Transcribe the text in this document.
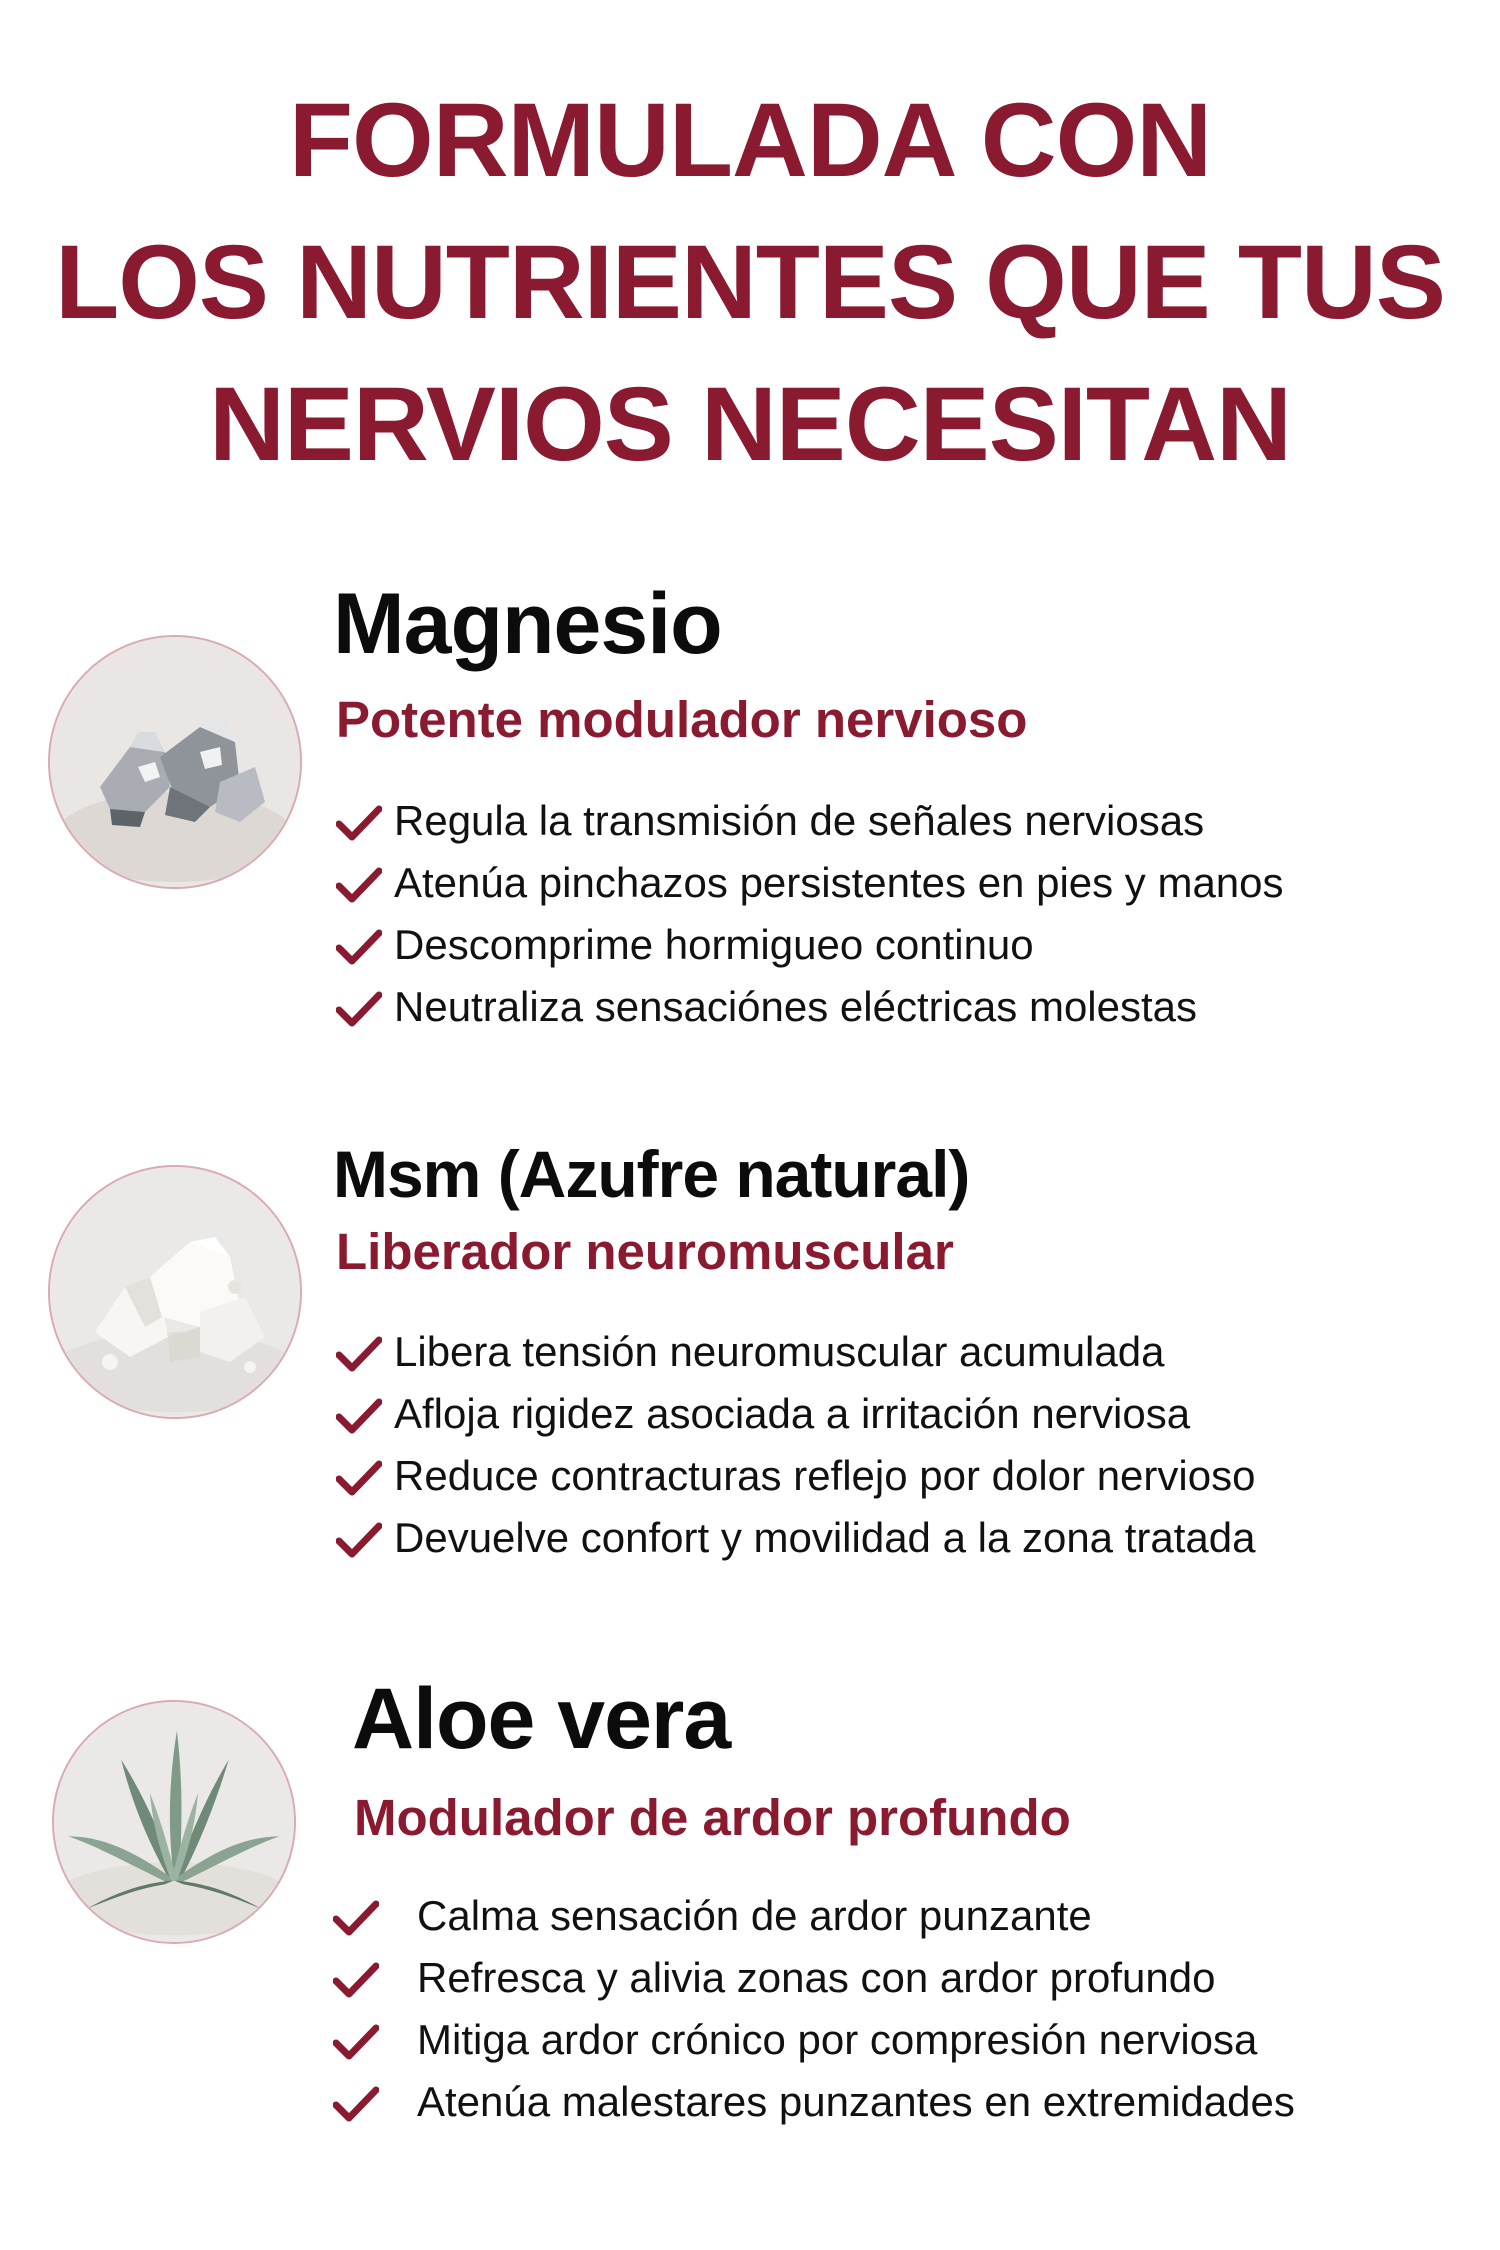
FORMULADA CON
LOS NUTRIENTES QUE TUS
NERVIOS NECESITAN
Magnesio
Potente modulador nervioso
Regula la transmisión de señales nerviosas
Atenúa pinchazos persistentes en pies y manos
Descomprime hormigueo continuo
Neutraliza sensaciónes eléctricas molestas
Msm (Azufre natural)
Liberador neuromuscular
Libera tensión neuromuscular acumulada
Afloja rigidez asociada a irritación nerviosa
Reduce contracturas reflejo por dolor nervioso
Devuelve confort y movilidad a la zona tratada
Aloe vera
Modulador de ardor profundo
Calma sensación de ardor punzante
Refresca y alivia zonas con ardor profundo
Mitiga ardor crónico por compresión nerviosa
Atenúa malestares punzantes en extremidades
